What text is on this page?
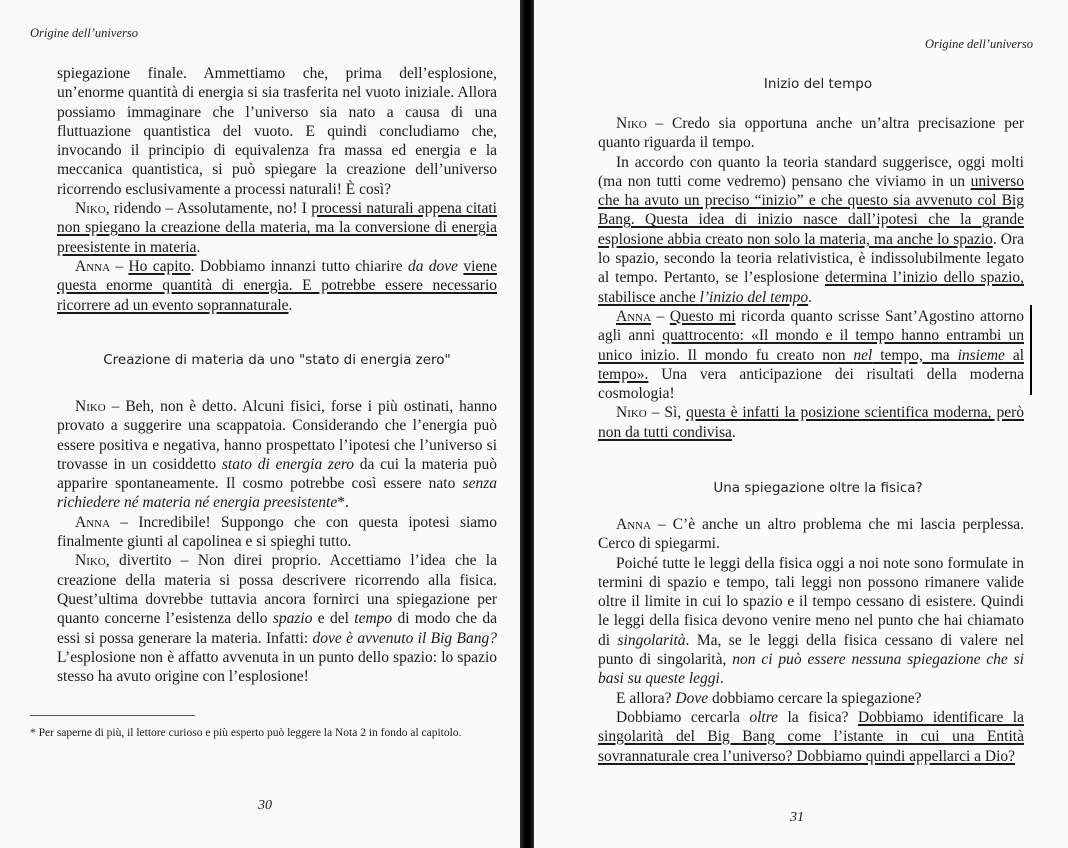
Origine dell’universo

spiegazione finale. Ammettiamo che, prima dell’esplosione, un’enorme quantità di energia si sia trasferita nel vuoto iniziale. Allora possiamo immaginare che l’universo sia nato a causa di una fluttuazione quantistica del vuoto. E quindi concludiamo che, invocando il principio di equivalenza fra massa ed energia e la meccanica quantistica, si può spiegare la creazione dell’universo ricorrendo esclusivamente a processi naturali! È così?

Niko, ridendo – Assolutamente, no! I processi naturali appena citati non spiegano la creazione della materia, ma la conversione di energia preesistente in materia.

Anna – Ho capito. Dobbiamo innanzi tutto chiarire da dove viene questa enorme quantità di energia. E potrebbe essere necessario ricorrere ad un evento soprannaturale.

Creazione di materia da uno "stato di energia zero"

Niko – Beh, non è detto. Alcuni fisici, forse i più ostinati, hanno provato a suggerire una scappatoia. Considerando che l’energia può essere positiva e negativa, hanno prospettato l’ipotesi che l’universo si trovasse in un cosiddetto stato di energia zero da cui la materia può apparire spontaneamente. Il cosmo potrebbe così essere nato senza richiedere né materia né energia preesistente*.

Anna – Incredibile! Suppongo che con questa ipotesi siamo finalmente giunti al capolinea e si spieghi tutto.

Niko, divertito – Non direi proprio. Accettiamo l’idea che la creazione della materia si possa descrivere ricorrendo alla fisica. Quest’ultima dovrebbe tuttavia ancora fornirci una spiegazione per quanto concerne l’esistenza dello spazio e del tempo di modo che da essi si possa generare la materia. Infatti: dove è avvenuto il Big Bang? L’esplosione non è affatto avvenuta in un punto dello spazio: lo spazio stesso ha avuto origine con l’esplosione!

* Per saperne di più, il lettore curioso e più esperto può leggere la Nota 2 in fondo al capitolo.
30
Origine dell’universo
Inizio del tempo

Niko – Credo sia opportuna anche un’altra precisazione per quanto riguarda il tempo.

In accordo con quanto la teoria standard suggerisce, oggi molti (ma non tutti come vedremo) pensano che viviamo in un universo che ha avuto un preciso “inizio” e che questo sia avvenuto col Big Bang. Questa idea di inizio nasce dall’ipotesi che la grande esplosione abbia creato non solo la materia, ma anche lo spazio. Ora lo spazio, secondo la teoria relativistica, è indissolubilmente legato al tempo. Pertanto, se l’esplosione determina l’inizio dello spazio, stabilisce anche l’inizio del tempo.

Anna – Questo mi ricorda quanto scrisse Sant’Agostino attorno agli anni quattrocento: «Il mondo e il tempo hanno entrambi un unico inizio. Il mondo fu creato non nel tempo, ma insieme al tempo». Una vera anticipazione dei risultati della moderna cosmologia!

Niko – Sì, questa è infatti la posizione scientifica moderna, però non da tutti condivisa.

Una spiegazione oltre la fisica?

Anna – C’è anche un altro problema che mi lascia perplessa. Cerco di spiegarmi.

Poiché tutte le leggi della fisica oggi a noi note sono formulate in termini di spazio e tempo, tali leggi non possono rimanere valide oltre il limite in cui lo spazio e il tempo cessano di esistere. Quindi le leggi della fisica devono venire meno nel punto che hai chiamato di singolarità. Ma, se le leggi della fisica cessano di valere nel punto di singolarità, non ci può essere nessuna spiegazione che si basi su queste leggi.

E allora? Dove dobbiamo cercare la spiegazione?

Dobbiamo cercarla oltre la fisica? Dobbiamo identificare la singolarità del Big Bang come l’istante in cui una Entità sovrannaturale crea l’universo? Dobbiamo quindi appellarci a Dio?

31
